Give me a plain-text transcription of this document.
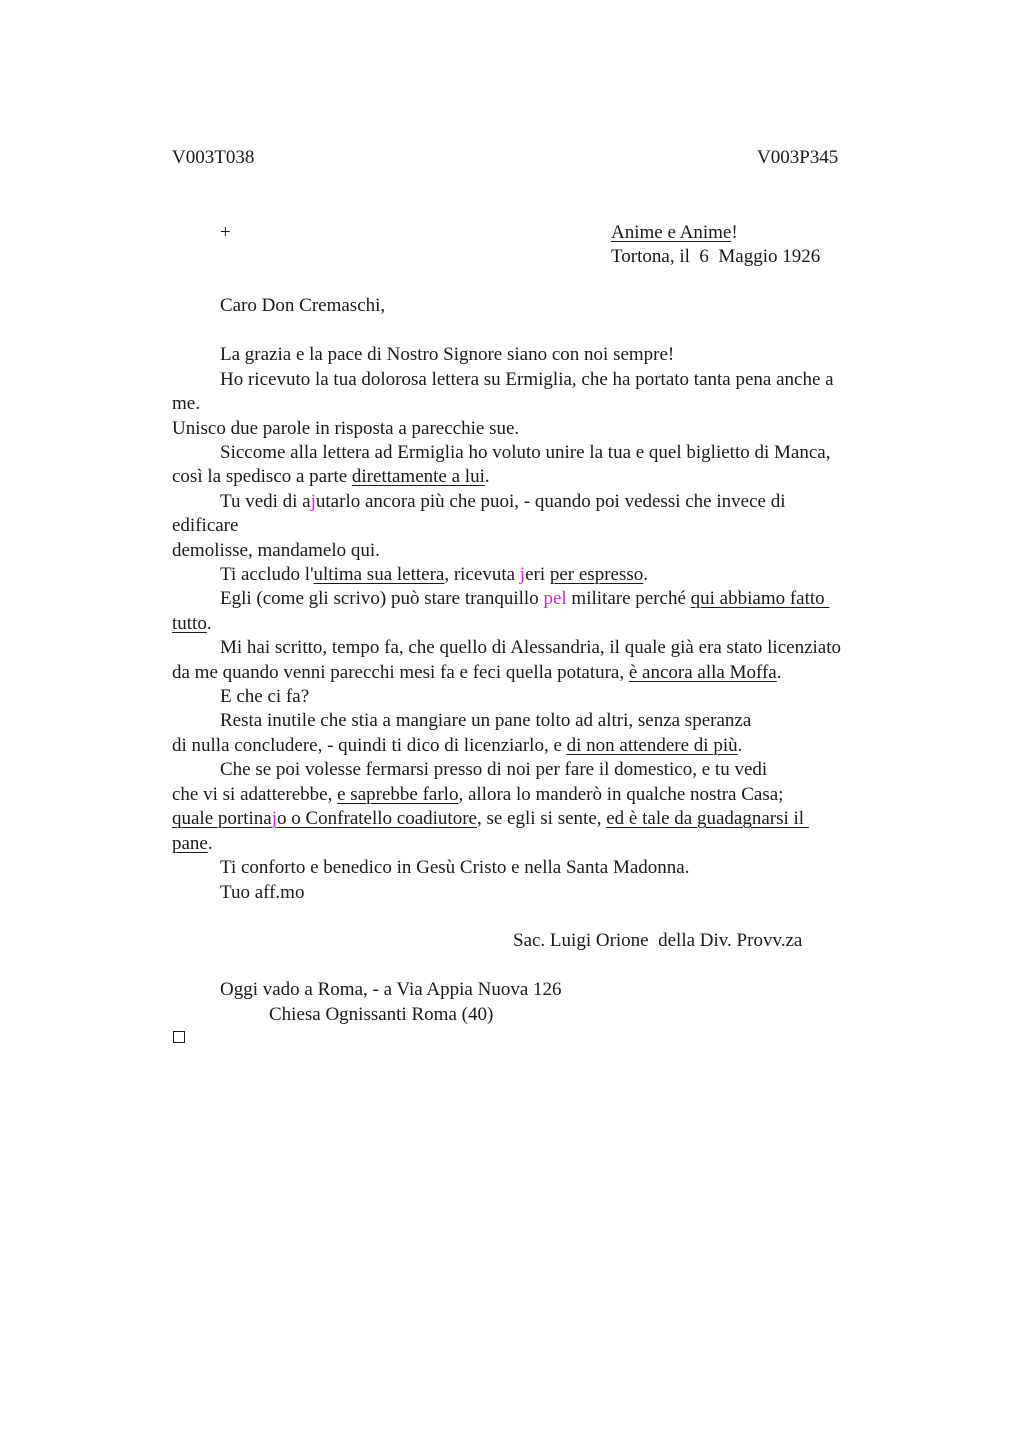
V003T038	V003P345
+	Anime e Anime!
Tortona, il  6  Maggio 1926
Caro Don Cremaschi,
La grazia e la pace di Nostro Signore siano con noi sempre!
Ho ricevuto la tua dolorosa lettera su Ermiglia, che ha portato tanta pena anche a
me.
Unisco due parole in risposta a parecchie sue.
Siccome alla lettera ad Ermiglia ho voluto unire la tua e quel biglietto di Manca,
così la spedisco a parte direttamente a lui.
Tu vedi di ajutarlo ancora più che puoi, - quando poi vedessi che invece di
edificare
demolisse, mandamelo qui.
Ti accludo l'ultima sua lettera, ricevuta jeri per espresso.
Egli (come gli scrivo) può stare tranquillo pel militare perché qui abbiamo fatto
tutto.
Mi hai scritto, tempo fa, che quello di Alessandria, il quale già era stato licenziato
da me quando venni parecchi mesi fa e feci quella potatura, è ancora alla Moffa.
E che ci fa?
Resta inutile che stia a mangiare un pane tolto ad altri, senza speranza
di nulla concludere, - quindi ti dico di licenziarlo, e di non attendere di più.
Che se poi volesse fermarsi presso di noi per fare il domestico, e tu vedi
che vi si adatterebbe, e saprebbe farlo, allora lo manderò in qualche nostra Casa;
quale portinajo o Confratello coadiutore, se egli si sente, ed è tale da guadagnarsi il
pane.
Ti conforto e benedico in Gesù Cristo e nella Santa Madonna.
Tuo aff.mo
Sac. Luigi Orione  della Div. Provv.za
Oggi vado a Roma, - a Via Appia Nuova 126
Chiesa Ognissanti Roma (40)
